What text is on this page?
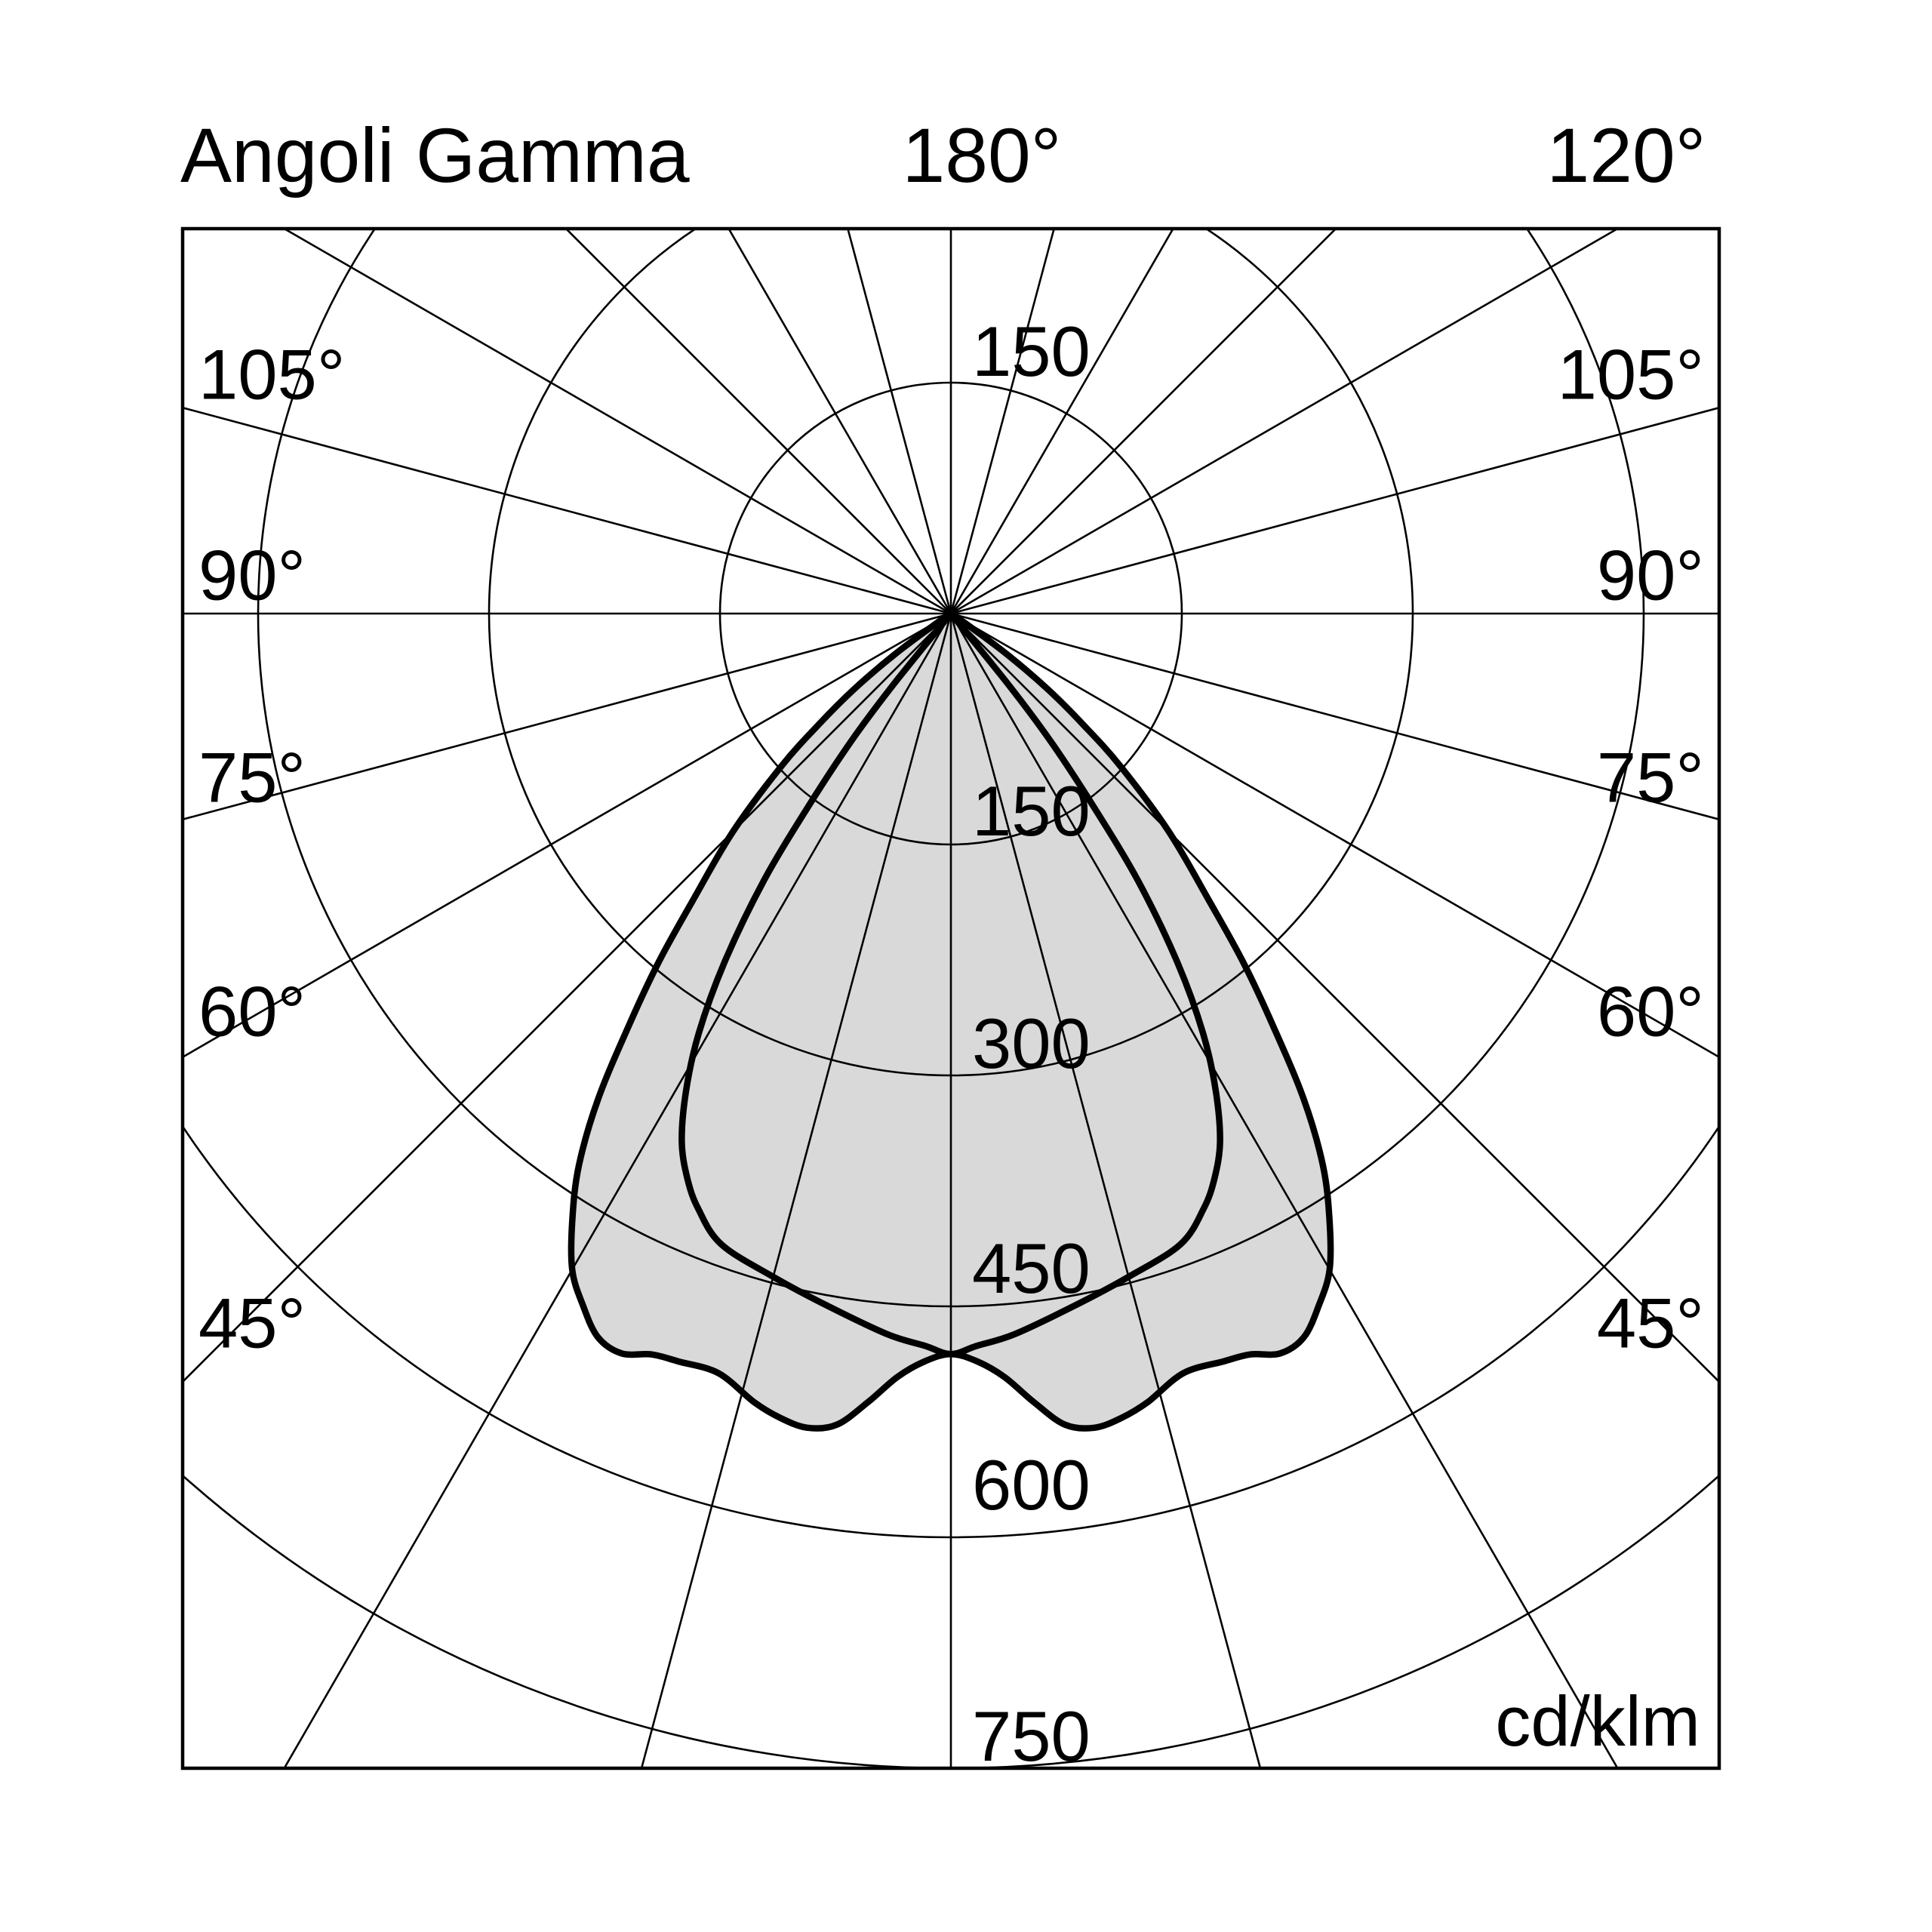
105°	105°
90°	90°
75°	75°
60°	60°
45°	45°
150
150
300
450
600
750
Angoli Gamma	180°	120°
cd/klm
